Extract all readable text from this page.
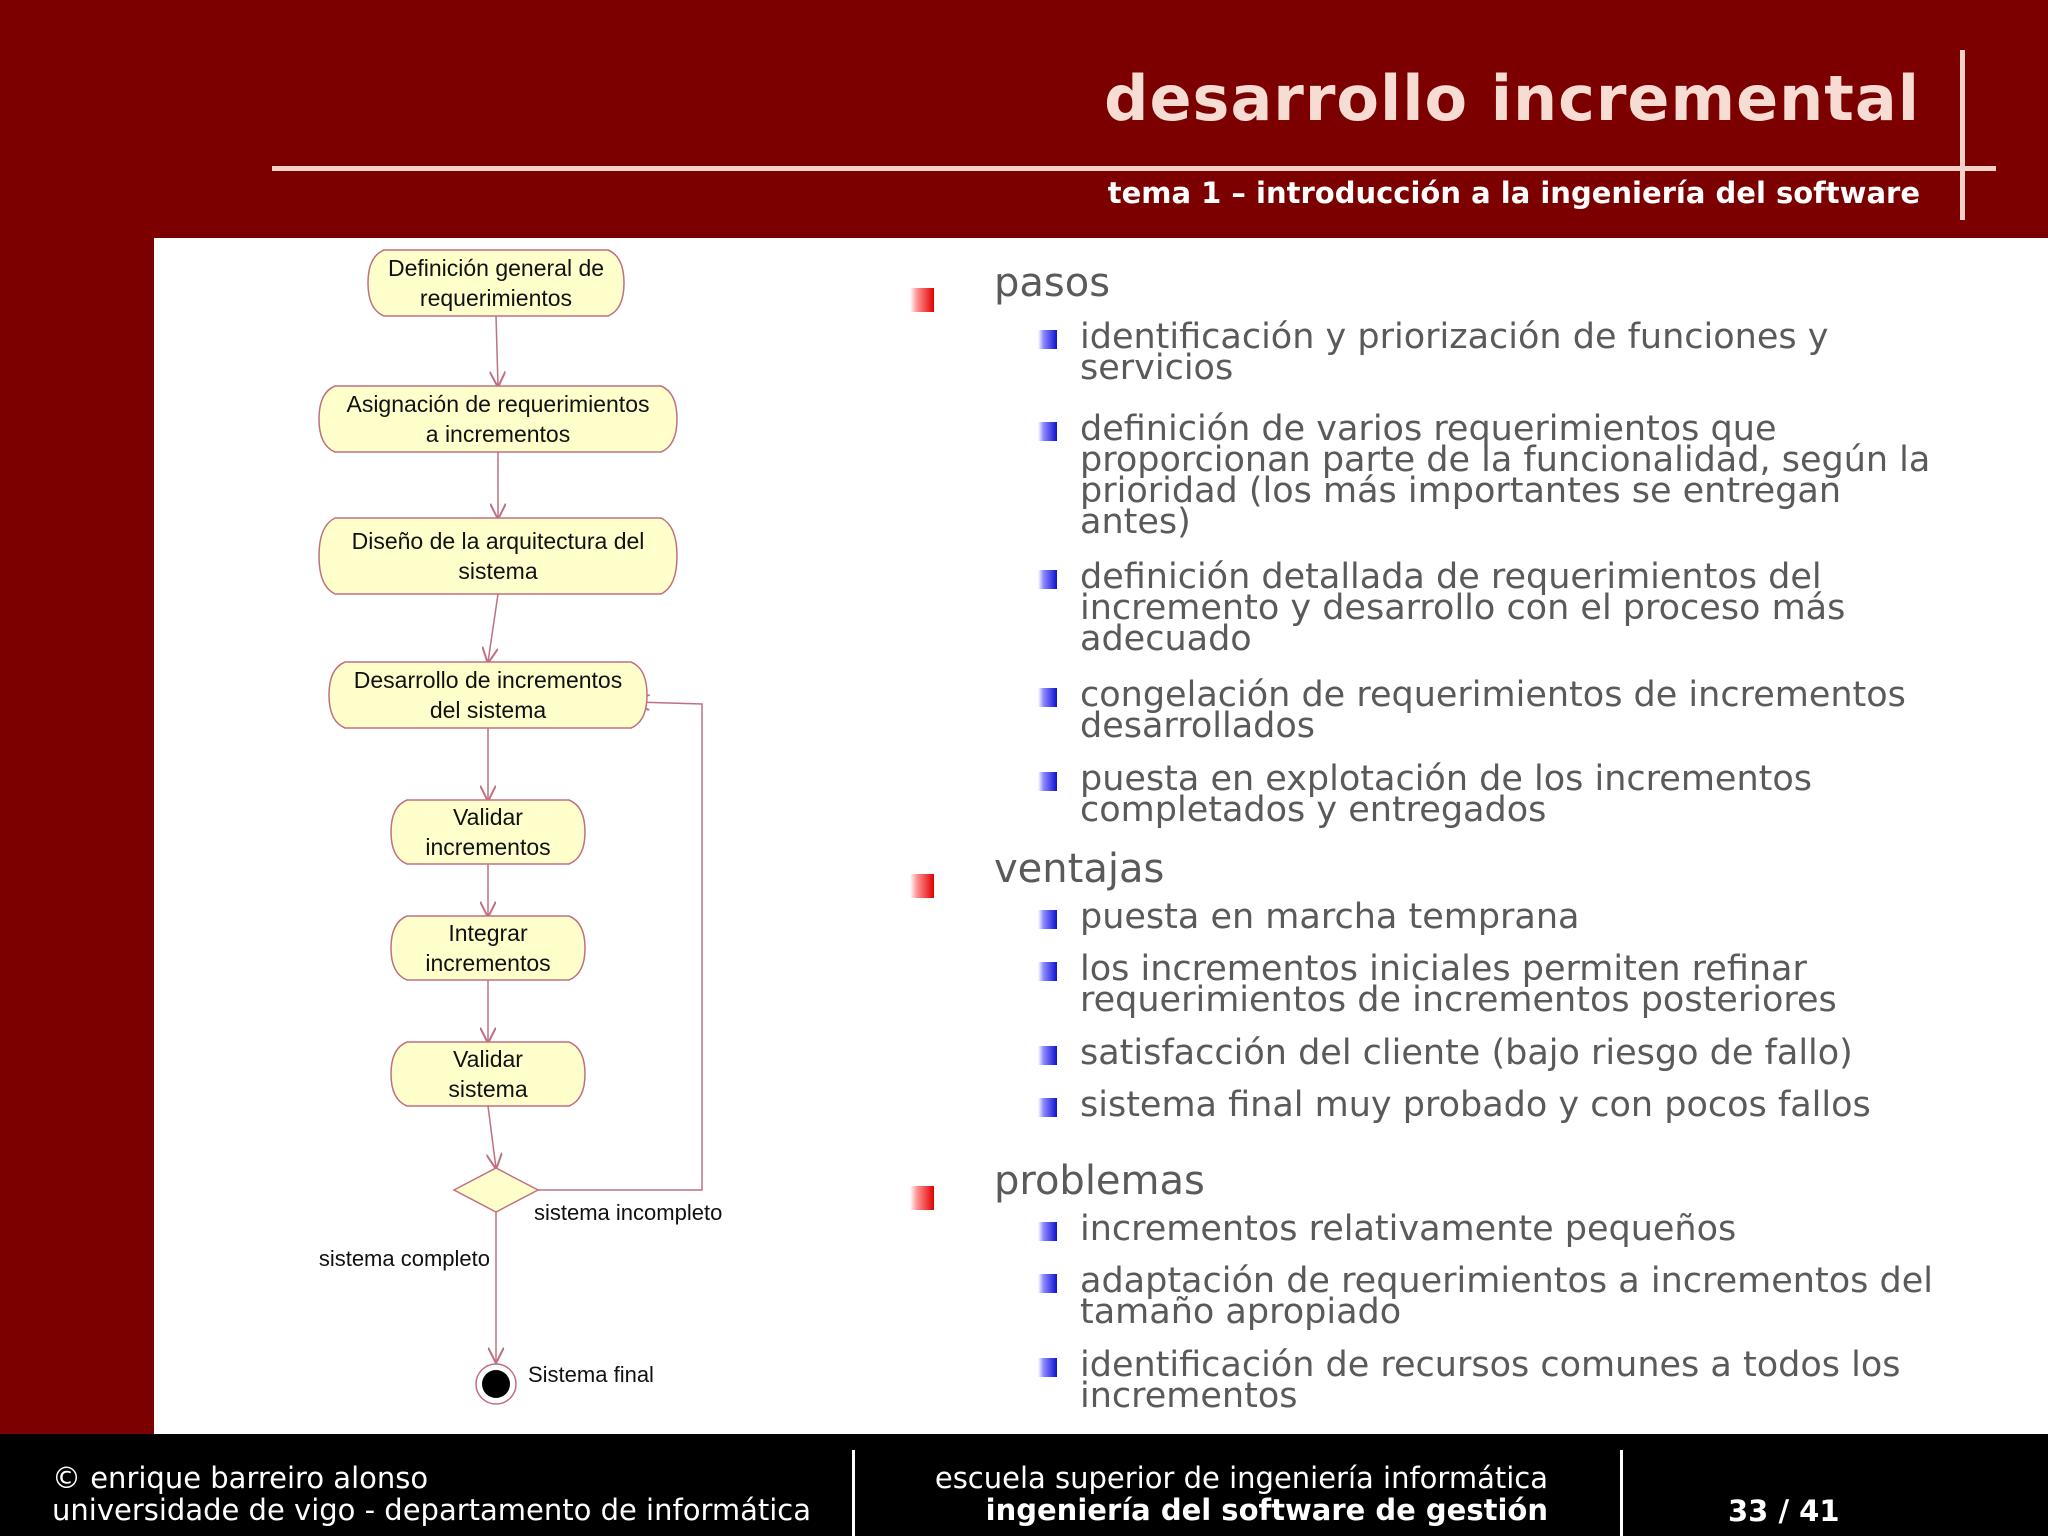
desarrollo incremental
tema 1 – introducción a la ingeniería del software
Definición general de
requerimientos
Asignación de requerimientos
a incrementos
Diseño de la arquitectura del
sistema
Desarrollo de incrementos
del sistema
Validar
incrementos
Integrar
incrementos
Validar
sistema
sistema incompleto
sistema completo
Sistema final
pasos
identificación y priorización de funciones y servicios
definición de varios requerimientos que proporcionan parte de la funcionalidad, según la prioridad (los más importantes se entregan antes)
definición detallada de requerimientos del incremento y desarrollo con el proceso más adecuado
congelación de requerimientos de incrementos desarrollados
puesta en explotación de los incrementos completados y entregados
ventajas
puesta en marcha temprana
los incrementos iniciales permiten refinar requerimientos de incrementos posteriores
satisfacción del cliente (bajo riesgo de fallo)
sistema final muy probado y con pocos fallos
problemas
incrementos relativamente pequeños
adaptación de requerimientos a incrementos del tamaño apropiado
identificación de recursos comunes a todos los incrementos
© enrique barreiro alonso
universidade de vigo - departamento de informática
escuela superior de ingeniería informática
ingeniería del software de gestión	33 / 41
